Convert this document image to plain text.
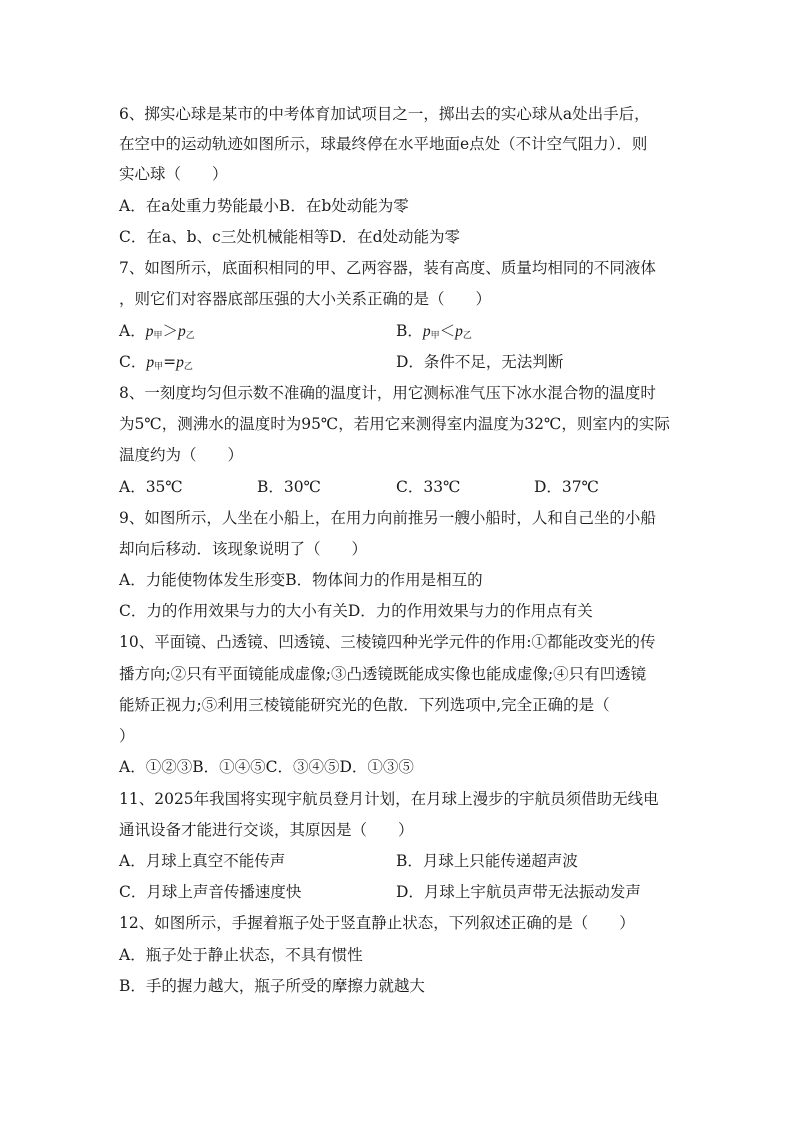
6、掷实心球是某市的中考体育加试项目之一，掷出去的实心球从a处出手后，
在空中的运动轨迹如图所示，球最终停在水平地面e点处（不计空气阻力）．则
实心球（　　）
A．在a处重力势能最小B．在b处动能为零
C．在a、b、c三处机械能相等D．在d处动能为零
7、如图所示，底面积相同的甲、乙两容器，装有高度、质量均相同的不同液体
，则它们对容器底部压强的大小关系正确的是（　　）
A．$p_甲>p_乙$	B．$p_甲<p_乙$
C．$p_甲=p_乙$	D．条件不足，无法判断
8、一刻度均匀但示数不准确的温度计，用它测标准气压下冰水混合物的温度时
为5℃，测沸水的温度时为95℃，若用它来测得室内温度为32℃，则室内的实际
温度约为（　　）
A．35℃	B．30℃	C．33℃	D．37℃
9、如图所示，人坐在小船上，在用力向前推另一艘小船时，人和自己坐的小船
却向后移动．该现象说明了（　　）
A．力能使物体发生形变B．物体间力的作用是相互的
C．力的作用效果与力的大小有关D．力的作用效果与力的作用点有关
10、平面镜、凸透镜、凹透镜、三棱镜四种光学元件的作用:①都能改变光的传
播方向;②只有平面镜能成虚像;③凸透镜既能成实像也能成虚像;④只有凹透镜
能矫正视力;⑤利用三棱镜能研究光的色散．下列选项中,完全正确的是（
）
A．①②③B．①④⑤C．③④⑤D．①③⑤
11、2025年我国将实现宇航员登月计划，在月球上漫步的宇航员须借助无线电
通讯设备才能进行交谈，其原因是（　　）
A．月球上真空不能传声	B．月球上只能传递超声波
C．月球上声音传播速度快	D．月球上宇航员声带无法振动发声
12、如图所示，手握着瓶子处于竖直静止状态，下列叙述正确的是（　　）
A．瓶子处于静止状态，不具有惯性
B．手的握力越大，瓶子所受的摩擦力就越大
